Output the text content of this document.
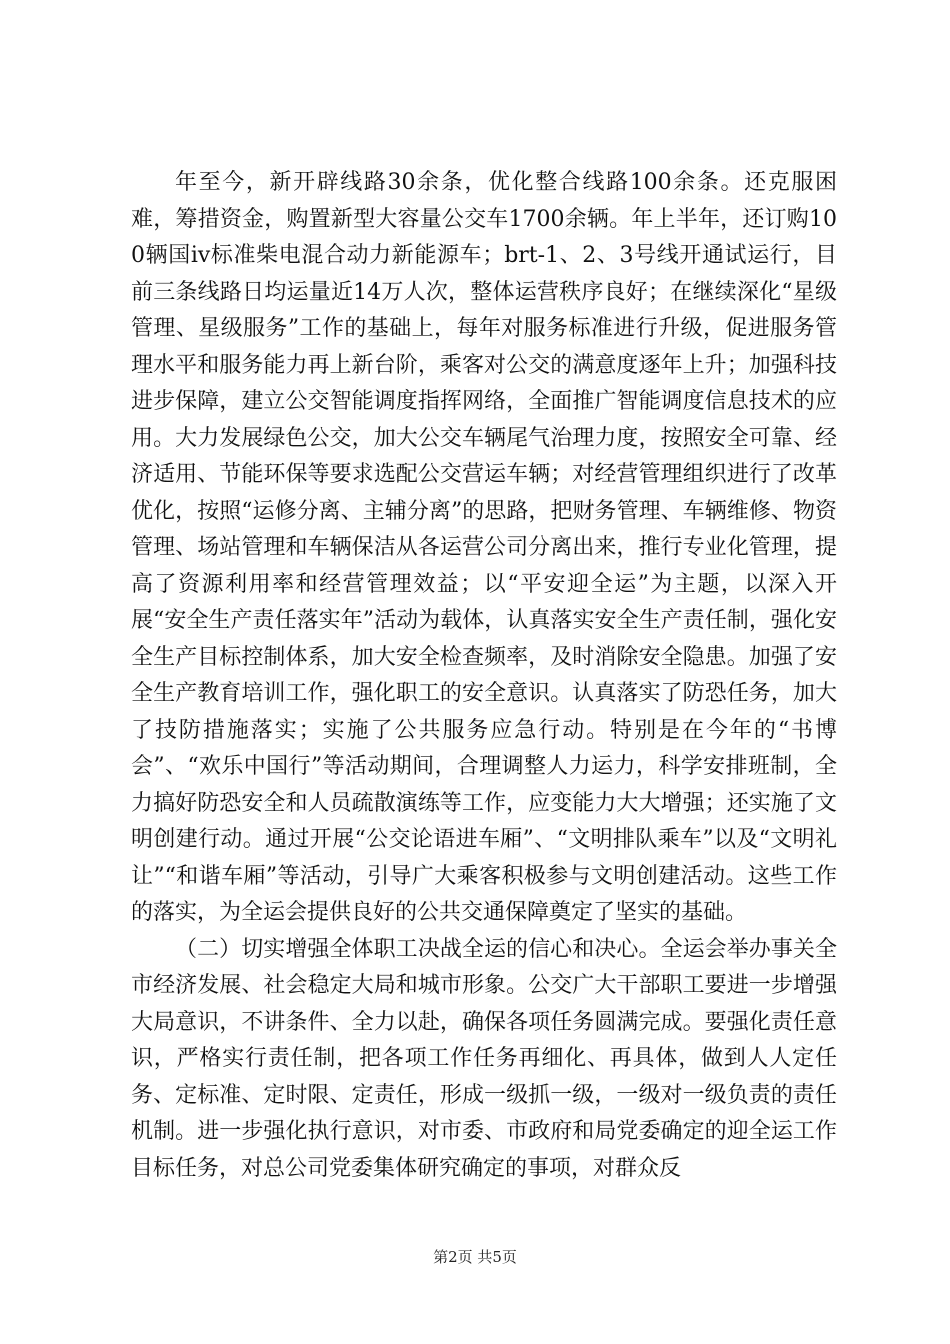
年至今，新开辟线路30余条，优化整合线路100余条。还克服困难，筹措资金，购置新型大容量公交车1700余辆。年上半年，还订购100辆国iv标准柴电混合动力新能源车；brt-1、2、3号线开通试运行，目前三条线路日均运量近14万人次，整体运营秩序良好；在继续深化“星级管理、星级服务”工作的基础上，每年对服务标准进行升级，促进服务管理水平和服务能力再上新台阶，乘客对公交的满意度逐年上升；加强科技进步保障，建立公交智能调度指挥网络，全面推广智能调度信息技术的应用。大力发展绿色公交，加大公交车辆尾气治理力度，按照安全可靠、经济适用、节能环保等要求选配公交营运车辆；对经营管理组织进行了改革优化，按照“运修分离、主辅分离”的思路，把财务管理、车辆维修、物资管理、场站管理和车辆保洁从各运营公司分离出来，推行专业化管理，提高了资源利用率和经营管理效益；以“平安迎全运”为主题，以深入开展“安全生产责任落实年”活动为载体，认真落实安全生产责任制，强化安全生产目标控制体系，加大安全检查频率，及时消除安全隐患。加强了安全生产教育培训工作，强化职工的安全意识。认真落实了防恐任务，加大了技防措施落实；实施了公共服务应急行动。特别是在今年的“书博会”、“欢乐中国行”等活动期间，合理调整人力运力，科学安排班制，全力搞好防恐安全和人员疏散演练等工作，应变能力大大增强；还实施了文明创建行动。通过开展“公交论语进车厢”、“文明排队乘车”以及“文明礼让”“和谐车厢”等活动，引导广大乘客积极参与文明创建活动。这些工作的落实，为全运会提供良好的公共交通保障奠定了坚实的基础。

（二）切实增强全体职工决战全运的信心和决心。全运会举办事关全市经济发展、社会稳定大局和城市形象。公交广大干部职工要进一步增强大局意识，不讲条件、全力以赴，确保各项任务圆满完成。要强化责任意识，严格实行责任制，把各项工作任务再细化、再具体，做到人人定任务、定标准、定时限、定责任，形成一级抓一级，一级对一级负责的责任机制。进一步强化执行意识，对市委、市政府和局党委确定的迎全运工作目标任务，对总公司党委集体研究确定的事项，对群众反

第2页 共5页
